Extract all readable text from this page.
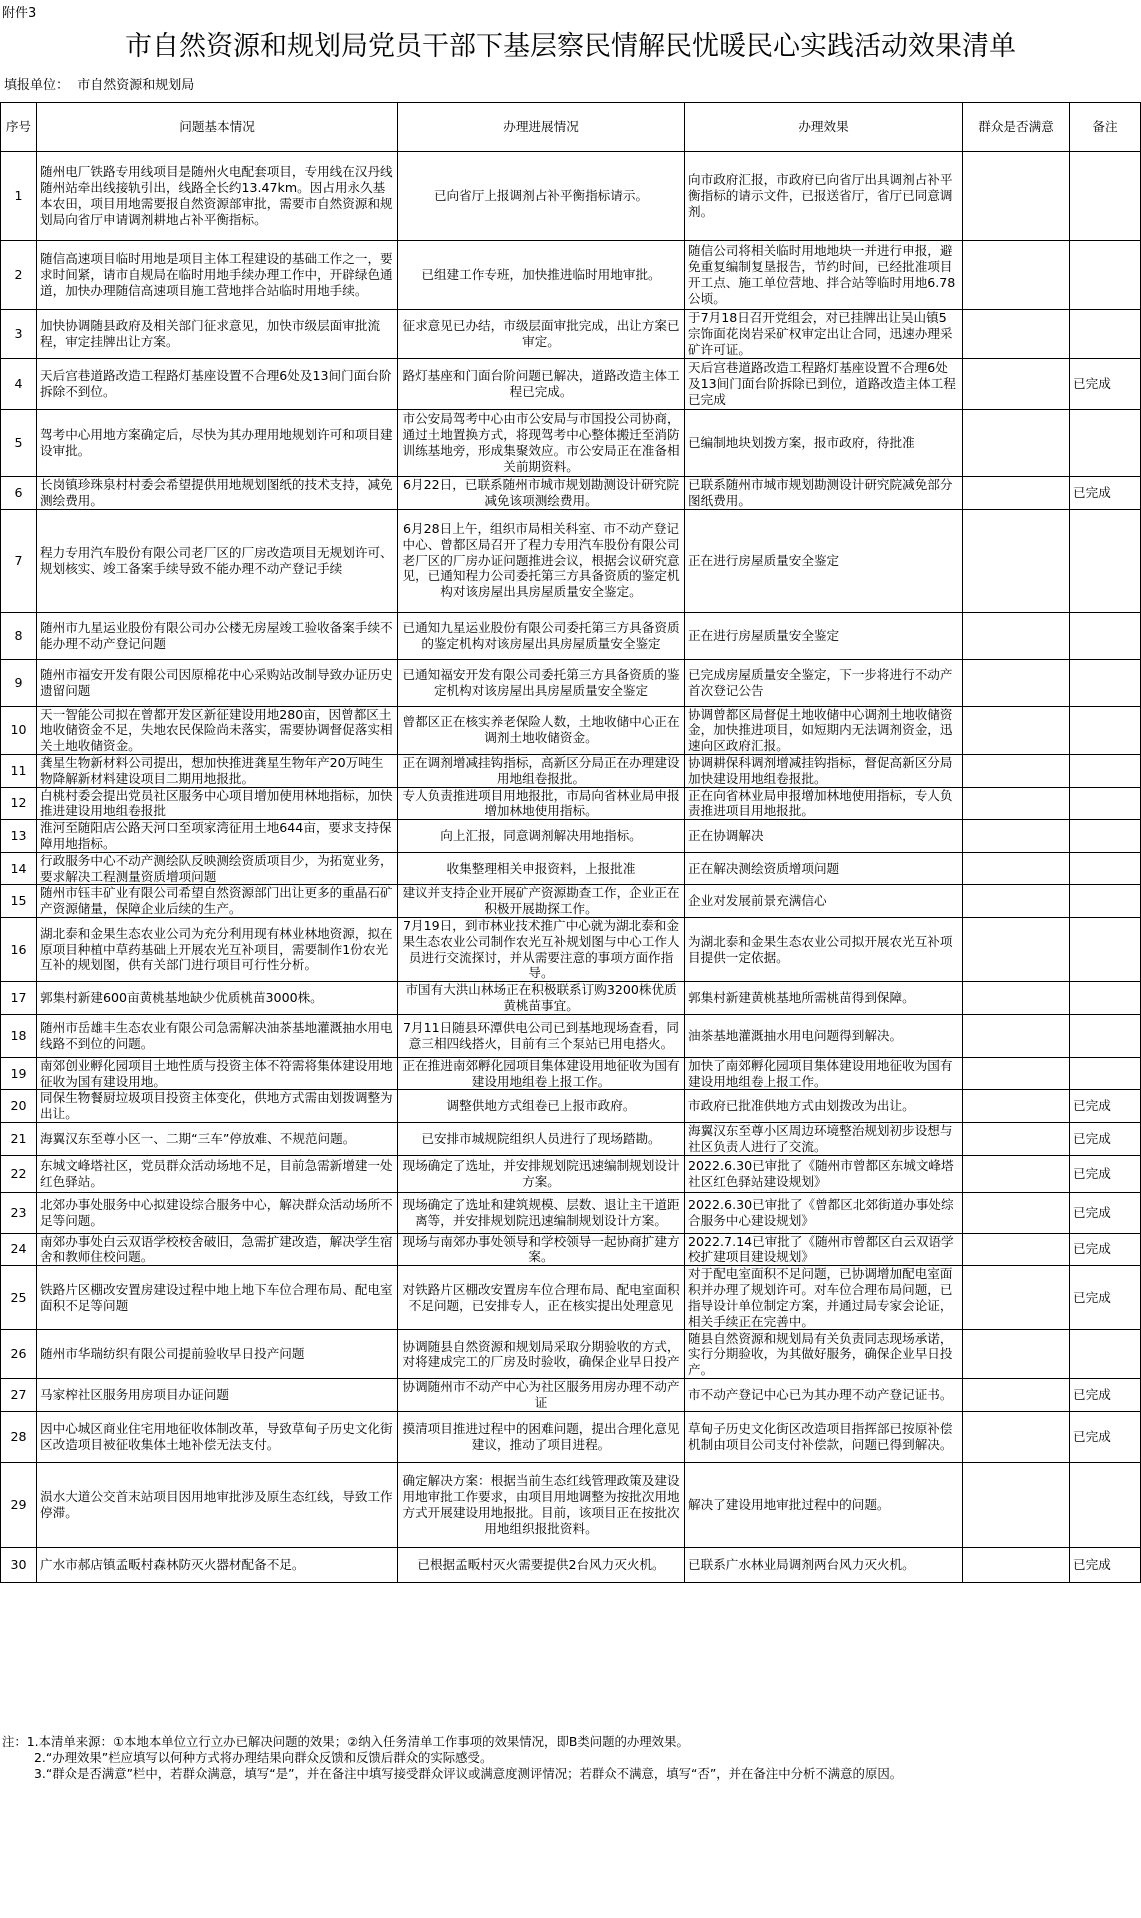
附件3
市自然资源和规划局党员干部下基层察民情解民忧暖民心实践活动效果清单
填报单位： 市自然资源和规划局
序号	问题基本情况	办理进展情况	办理效果	群众是否满意	备注
1	随州电厂铁路专用线项目是随州火电配套项目，专用线在汉丹线随州站牵出线接轨引出，线路全长约13.47km。因占用永久基本农田，项目用地需要报自然资源部审批，需要市自然资源和规划局向省厅申请调剂耕地占补平衡指标。	已向省厅上报调剂占补平衡指标请示。	向市政府汇报，市政府已向省厅出具调剂占补平衡指标的请示文件，已报送省厅，省厅已同意调剂。		
2	随信高速项目临时用地是项目主体工程建设的基础工作之一，要求时间紧，请市自规局在临时用地手续办理工作中，开辟绿色通道，加快办理随信高速项目施工营地拌合站临时用地手续。	已组建工作专班，加快推进临时用地审批。	随信公司将相关临时用地地块一并进行申报，避免重复编制复垦报告，节约时间，已经批准项目开工点、施工单位营地、拌合站等临时用地6.78公顷。		
3	加快协调随县政府及相关部门征求意见，加快市级层面审批流程，审定挂牌出让方案。	征求意见已办结，市级层面审批完成，出让方案已审定。	于7月18日召开党组会，对已挂牌出让吴山镇5宗饰面花岗岩采矿权审定出让合同，迅速办理采矿许可证。		
4	天后宫巷道路改造工程路灯基座设置不合理6处及13间门面台阶拆除不到位。	路灯基座和门面台阶问题已解决，道路改造主体工程已完成。	天后宫巷道路改造工程路灯基座设置不合理6处及13间门面台阶拆除已到位，道路改造主体工程已完成		已完成
5	驾考中心用地方案确定后，尽快为其办理用地规划许可和项目建设审批。	市公安局驾考中心由市公安局与市国投公司协商，通过土地置换方式，将现驾考中心整体搬迁至消防训练基地旁，形成集聚效应。市公安局正在准备相关前期资料。	已编制地块划拨方案，报市政府，待批准		
6	长岗镇珍珠泉村村委会希望提供用地规划图纸的技术支持，减免测绘费用。	6月22日，已联系随州市城市规划勘测设计研究院减免该项测绘费用。	已联系随州市城市规划勘测设计研究院减免部分图纸费用。		已完成
7	程力专用汽车股份有限公司老厂区的厂房改造项目无规划许可、规划核实、竣工备案手续导致不能办理不动产登记手续	6月28日上午，组织市局相关科室、市不动产登记中心、曾都区局召开了程力专用汽车股份有限公司老厂区的厂房办证问题推进会议，根据会议研究意见，已通知程力公司委托第三方具备资质的鉴定机构对该房屋出具房屋质量安全鉴定。	正在进行房屋质量安全鉴定		
8	随州市九星运业股份有限公司办公楼无房屋竣工验收备案手续不能办理不动产登记问题	已通知九星运业股份有限公司委托第三方具备资质的鉴定机构对该房屋出具房屋质量安全鉴定	正在进行房屋质量安全鉴定		
9	随州市福安开发有限公司因原棉花中心采购站改制导致办证历史遗留问题	已通知福安开发有限公司委托第三方具备资质的鉴定机构对该房屋出具房屋质量安全鉴定	已完成房屋质量安全鉴定，下一步将进行不动产首次登记公告		
10	天一智能公司拟在曾都开发区新征建设用地280亩，因曾都区土地收储资金不足，失地农民保险尚未落实，需要协调督促落实相关土地收储资金。	曾都区正在核实养老保险人数，土地收储中心正在调剂土地收储资金。	协调曾都区局督促土地收储中心调剂土地收储资金，加快推进项目，如短期内无法调剂资金，迅速向区政府汇报。		
11	龚星生物新材料公司提出，想加快推进龚星生物年产20万吨生物降解新材料建设项目二期用地报批。	正在调剂增减挂钩指标，高新区分局正在办理建设用地组卷报批。	协调耕保科调剂增减挂钩指标，督促高新区分局加快建设用地组卷报批。		
12	白桃村委会提出党员社区服务中心项目增加使用林地指标，加快推进建设用地组卷报批	专人负责推进项目用地报批，市局向省林业局申报增加林地使用指标。	正在向省林业局申报增加林地使用指标，专人负责推进项目用地报批。		
13	淮河至随阳店公路天河口至项家湾征用土地644亩，要求支持保障用地指标。	向上汇报，同意调剂解决用地指标。	正在协调解决		
14	行政服务中心不动产测绘队反映测绘资质项目少，为拓宽业务，要求解决工程测量资质增项问题	收集整理相关申报资料，上报批准	正在解决测绘资质增项问题		
15	随州市钰丰矿业有限公司希望自然资源部门出让更多的重晶石矿产资源储量，保障企业后续的生产。	建议并支持企业开展矿产资源勘查工作，企业正在积极开展勘探工作。	企业对发展前景充满信心		
16	湖北泰和金果生态农业公司为充分利用现有林业林地资源，拟在原项目种植中草药基础上开展农光互补项目，需要制作1份农光互补的规划图，供有关部门进行项目可行性分析。	7月19日，到市林业技术推广中心就为湖北泰和金果生态农业公司制作农光互补规划图与中心工作人员进行交流探讨，并从需要注意的事项方面作指导。	为湖北泰和金果生态农业公司拟开展农光互补项目提供一定依据。		
17	郭集村新建600亩黄桃基地缺少优质桃苗3000株。	市国有大洪山林场正在积极联系订购3200株优质黄桃苗事宜。	郭集村新建黄桃基地所需桃苗得到保障。		
18	随州市岳雄丰生态农业有限公司急需解决油茶基地灌溉抽水用电线路不到位的问题。	7月11日随县环潭供电公司已到基地现场查看，同意三相四线搭火，目前有三个泵站已用电搭火。	油茶基地灌溉抽水用电问题得到解决。		
19	南郊创业孵化园项目土地性质与投资主体不符需将集体建设用地征收为国有建设用地。	正在推进南郊孵化园项目集体建设用地征收为国有建设用地组卷上报工作。	加快了南郊孵化园项目集体建设用地征收为国有建设用地组卷上报工作。		
20	同保生物餐厨垃圾项目投资主体变化，供地方式需由划拨调整为出让。	调整供地方式组卷已上报市政府。	市政府已批准供地方式由划拨改为出让。		已完成
21	海翼汉东至尊小区一、二期“三车”停放难、不规范问题。	已安排市城规院组织人员进行了现场踏勘。	海翼汉东至尊小区周边环境整治规划初步设想与社区负责人进行了交流。		已完成
22	东城文峰塔社区，党员群众活动场地不足，目前急需新增建一处红色驿站。	现场确定了选址，并安排规划院迅速编制规划设计方案。	2022.6.30已审批了《随州市曾都区东城文峰塔社区红色驿站建设规划》		已完成
23	北郊办事处服务中心拟建设综合服务中心，解决群众活动场所不足等问题。	现场确定了选址和建筑规模、层数、退让主干道距离等，并安排规划院迅速编制规划设计方案。	2022.6.30已审批了《曾都区北郊街道办事处综合服务中心建设规划》		已完成
24	南郊办事处白云双语学校校舍破旧，急需扩建改造，解决学生宿舍和教师住校问题。	现场与南郊办事处领导和学校领导一起协商扩建方案。	2022.7.14已审批了《随州市曾都区白云双语学校扩建项目建设规划》		已完成
25	铁路片区棚改安置房建设过程中地上地下车位合理布局、配电室面积不足等问题	对铁路片区棚改安置房车位合理布局、配电室面积不足问题，已安排专人，正在核实提出处理意见	对于配电室面积不足问题，已协调增加配电室面积并办理了规划许可。对车位合理布局问题，已指导设计单位制定方案，并通过局专家会论证，相关手续正在完善中。		已完成
26	随州市华瑞纺织有限公司提前验收早日投产问题	协调随县自然资源和规划局采取分期验收的方式，对将建成完工的厂房及时验收，确保企业早日投产	随县自然资源和规划局有关负责同志现场承诺，实行分期验收，为其做好服务，确保企业早日投产。		
27	马家榨社区服务用房项目办证问题	协调随州市不动产中心为社区服务用房办理不动产证	市不动产登记中心已为其办理不动产登记证书。		已完成
28	因中心城区商业住宅用地征收体制改革，导致草甸子历史文化街区改造项目被征收集体土地补偿无法支付。	摸清项目推进过程中的困难问题，提出合理化意见建议，推动了项目进程。	草甸子历史文化街区改造项目指挥部已按原补偿机制由项目公司支付补偿款，问题已得到解决。		已完成
29	涢水大道公交首末站项目因用地审批涉及原生态红线，导致工作停滞。	确定解决方案：根据当前生态红线管理政策及建设用地审批工作要求，由项目用地调整为按批次用地方式开展建设用地报批。目前，该项目正在按批次用地组织报批资料。	解决了建设用地审批过程中的问题。		
30	广水市郝店镇孟畈村森林防灭火器材配备不足。	已根据孟畈村灭火需要提供2台风力灭火机。	已联系广水林业局调剂两台风力灭火机。		已完成
注：1.本清单来源：①本地本单位立行立办已解决问题的效果；②纳入任务清单工作事项的效果情况，即B类问题的办理效果。
2.“办理效果”栏应填写以何种方式将办理结果向群众反馈和反馈后群众的实际感受。
3.“群众是否满意”栏中，若群众满意，填写“是”，并在备注中填写接受群众评议或满意度测评情况；若群众不满意，填写“否”，并在备注中分析不满意的原因。
